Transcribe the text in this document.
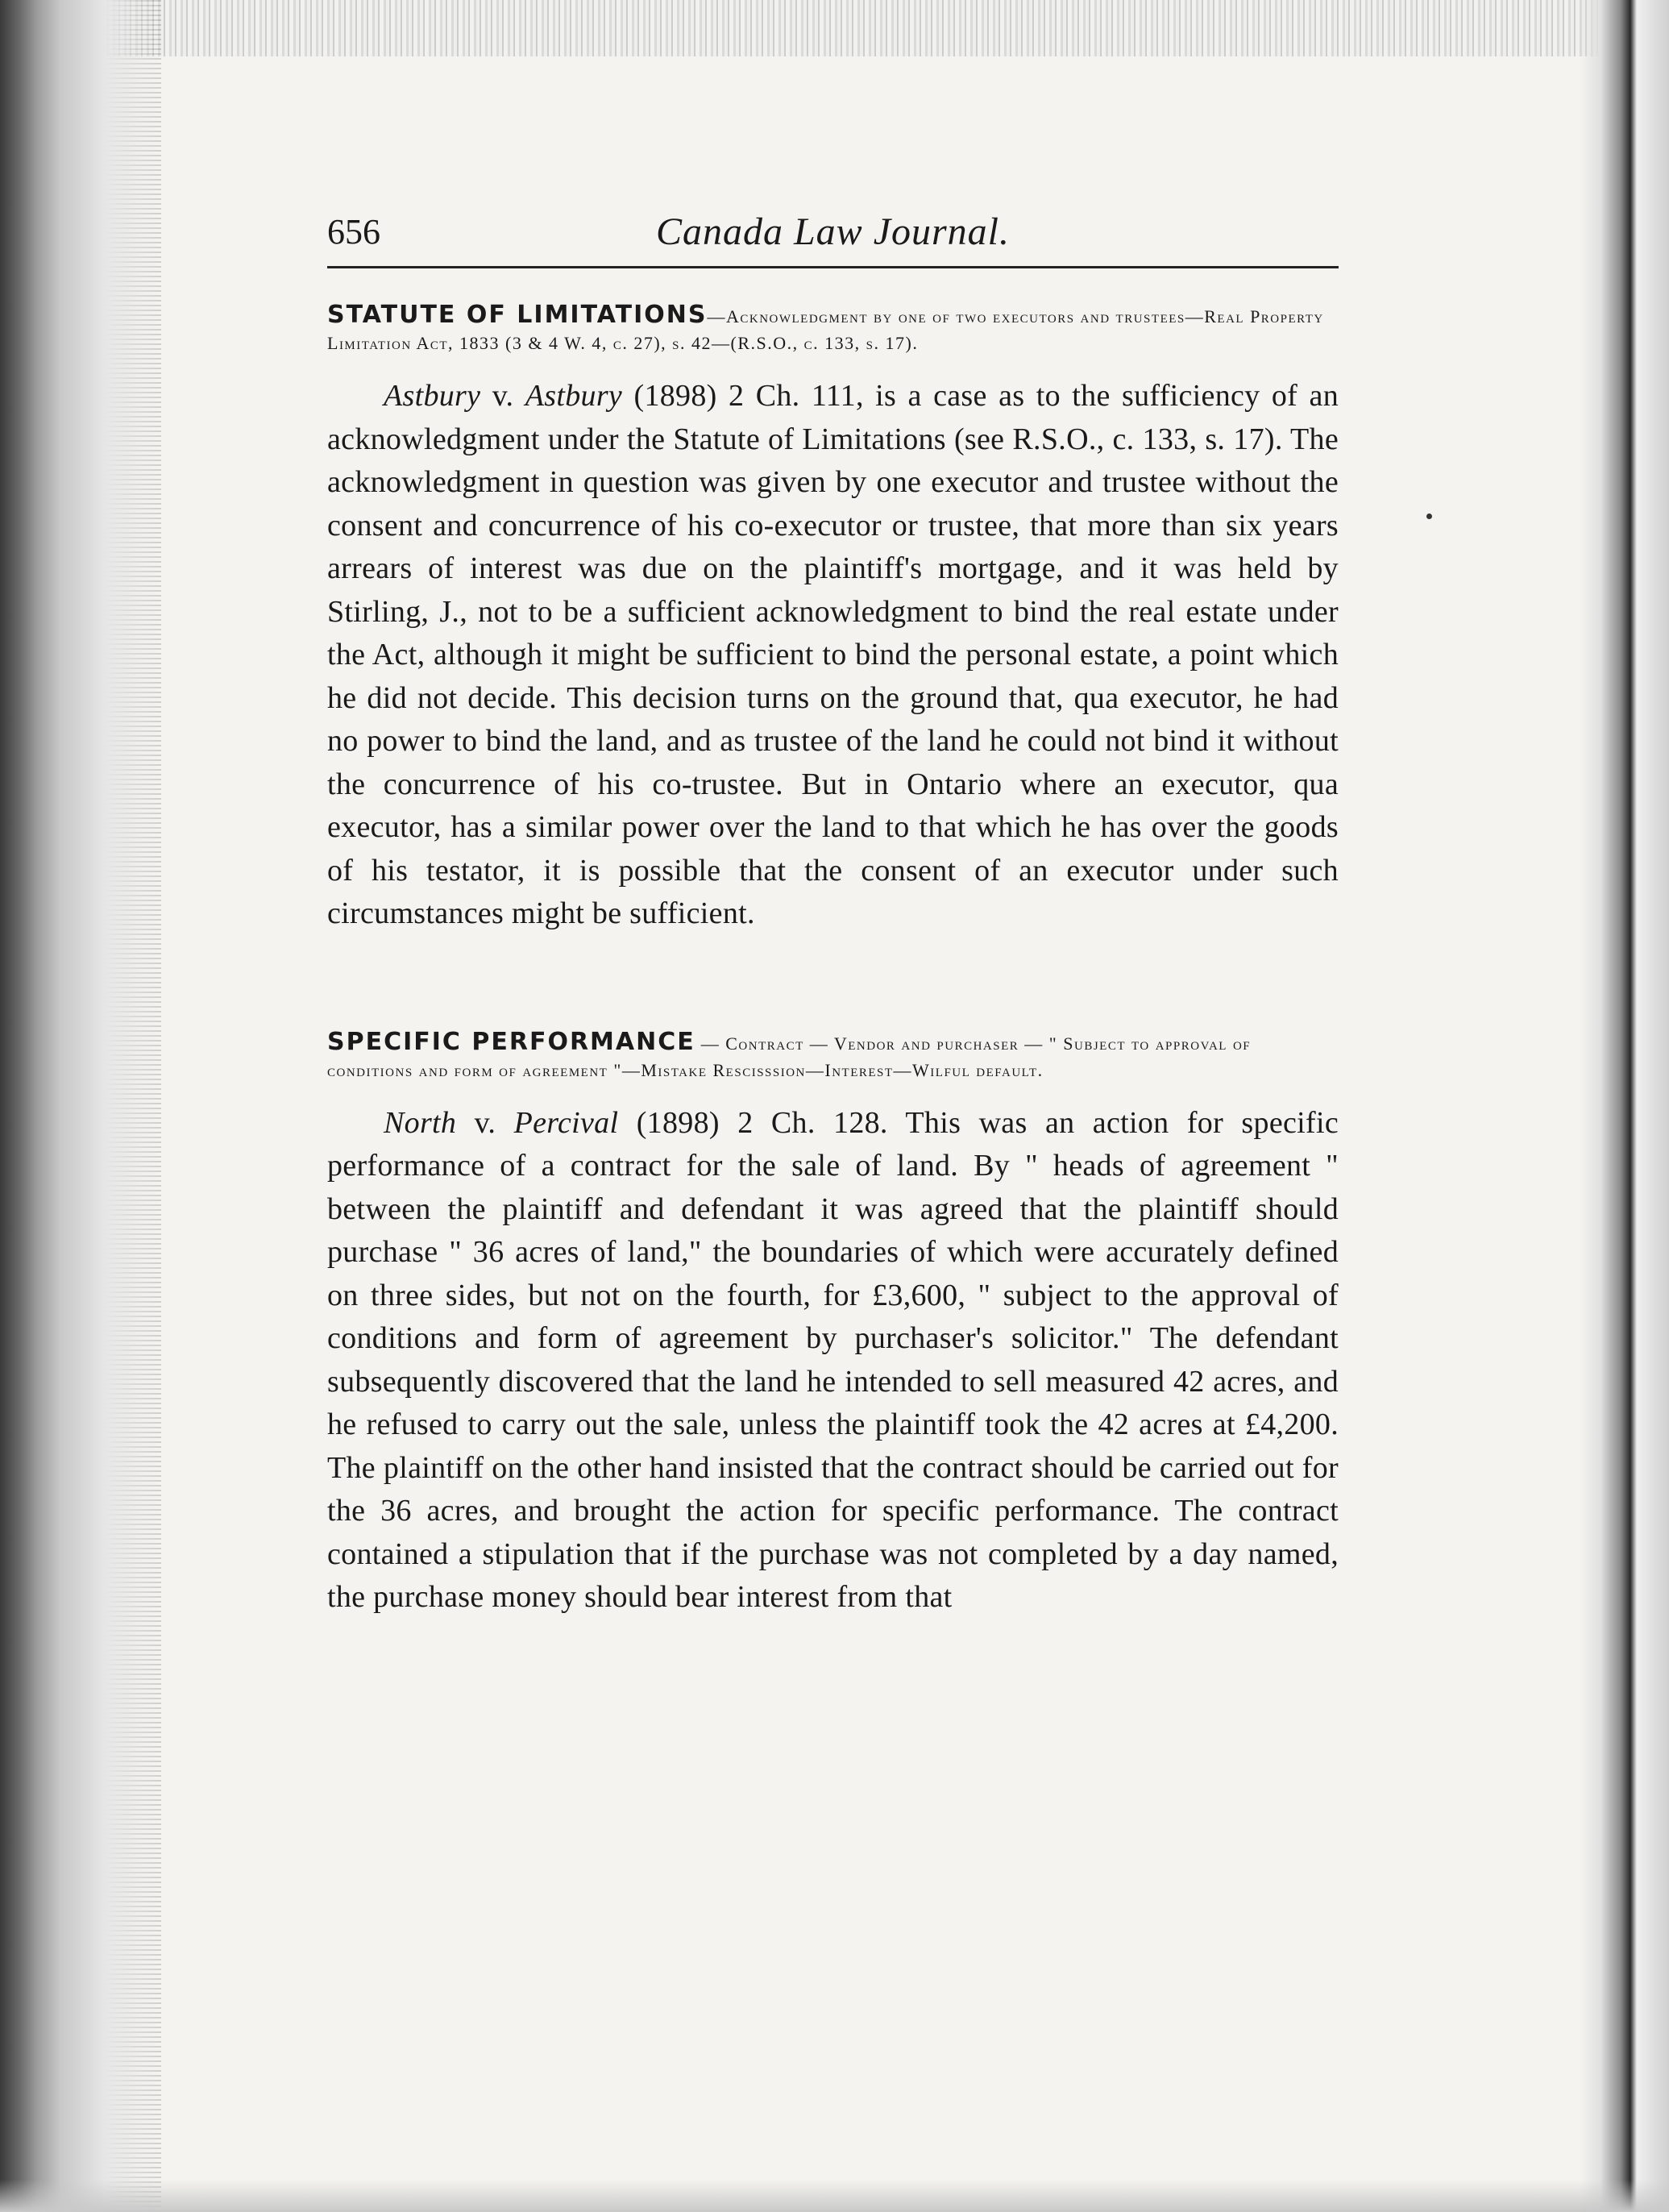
656	Canada Law Journal.
STATUTE OF LIMITATIONS—Acknowledgment by one of two executors and trustees—Real Property Limitation Act, 1833 (3 & 4 W. 4, c. 27), s. 42—(R.S.O., c. 133, s. 17).

Astbury v. Astbury (1898) 2 Ch. 111, is a case as to the sufficiency of an acknowledgment under the Statute of Limitations (see R.S.O., c. 133, s. 17). The acknowledgment in question was given by one executor and trustee without the consent and concurrence of his co-executor or trustee, that more than six years arrears of interest was due on the plaintiff's mortgage, and it was held by Stirling, J., not to be a sufficient acknowledgment to bind the real estate under the Act, although it might be sufficient to bind the personal estate, a point which he did not decide. This decision turns on the ground that, qua executor, he had no power to bind the land, and as trustee of the land he could not bind it without the concurrence of his co-trustee. But in Ontario where an executor, qua executor, has a similar power over the land to that which he has over the goods of his testator, it is possible that the consent of an executor under such circumstances might be sufficient.

SPECIFIC PERFORMANCE — Contract — Vendor and purchaser — " Subject to approval of conditions and form of agreement "—Mistake Rescisssion—Interest—Wilful default.

North v. Percival (1898) 2 Ch. 128. This was an action for specific performance of a contract for the sale of land. By " heads of agreement " between the plaintiff and defendant it was agreed that the plaintiff should purchase " 36 acres of land," the boundaries of which were accurately defined on three sides, but not on the fourth, for £3,600, " subject to the approval of conditions and form of agreement by purchaser's solicitor." The defendant subsequently discovered that the land he intended to sell measured 42 acres, and he refused to carry out the sale, unless the plaintiff took the 42 acres at £4,200. The plaintiff on the other hand insisted that the contract should be carried out for the 36 acres, and brought the action for specific performance. The contract contained a stipulation that if the purchase was not completed by a day named, the purchase money should bear interest from that
